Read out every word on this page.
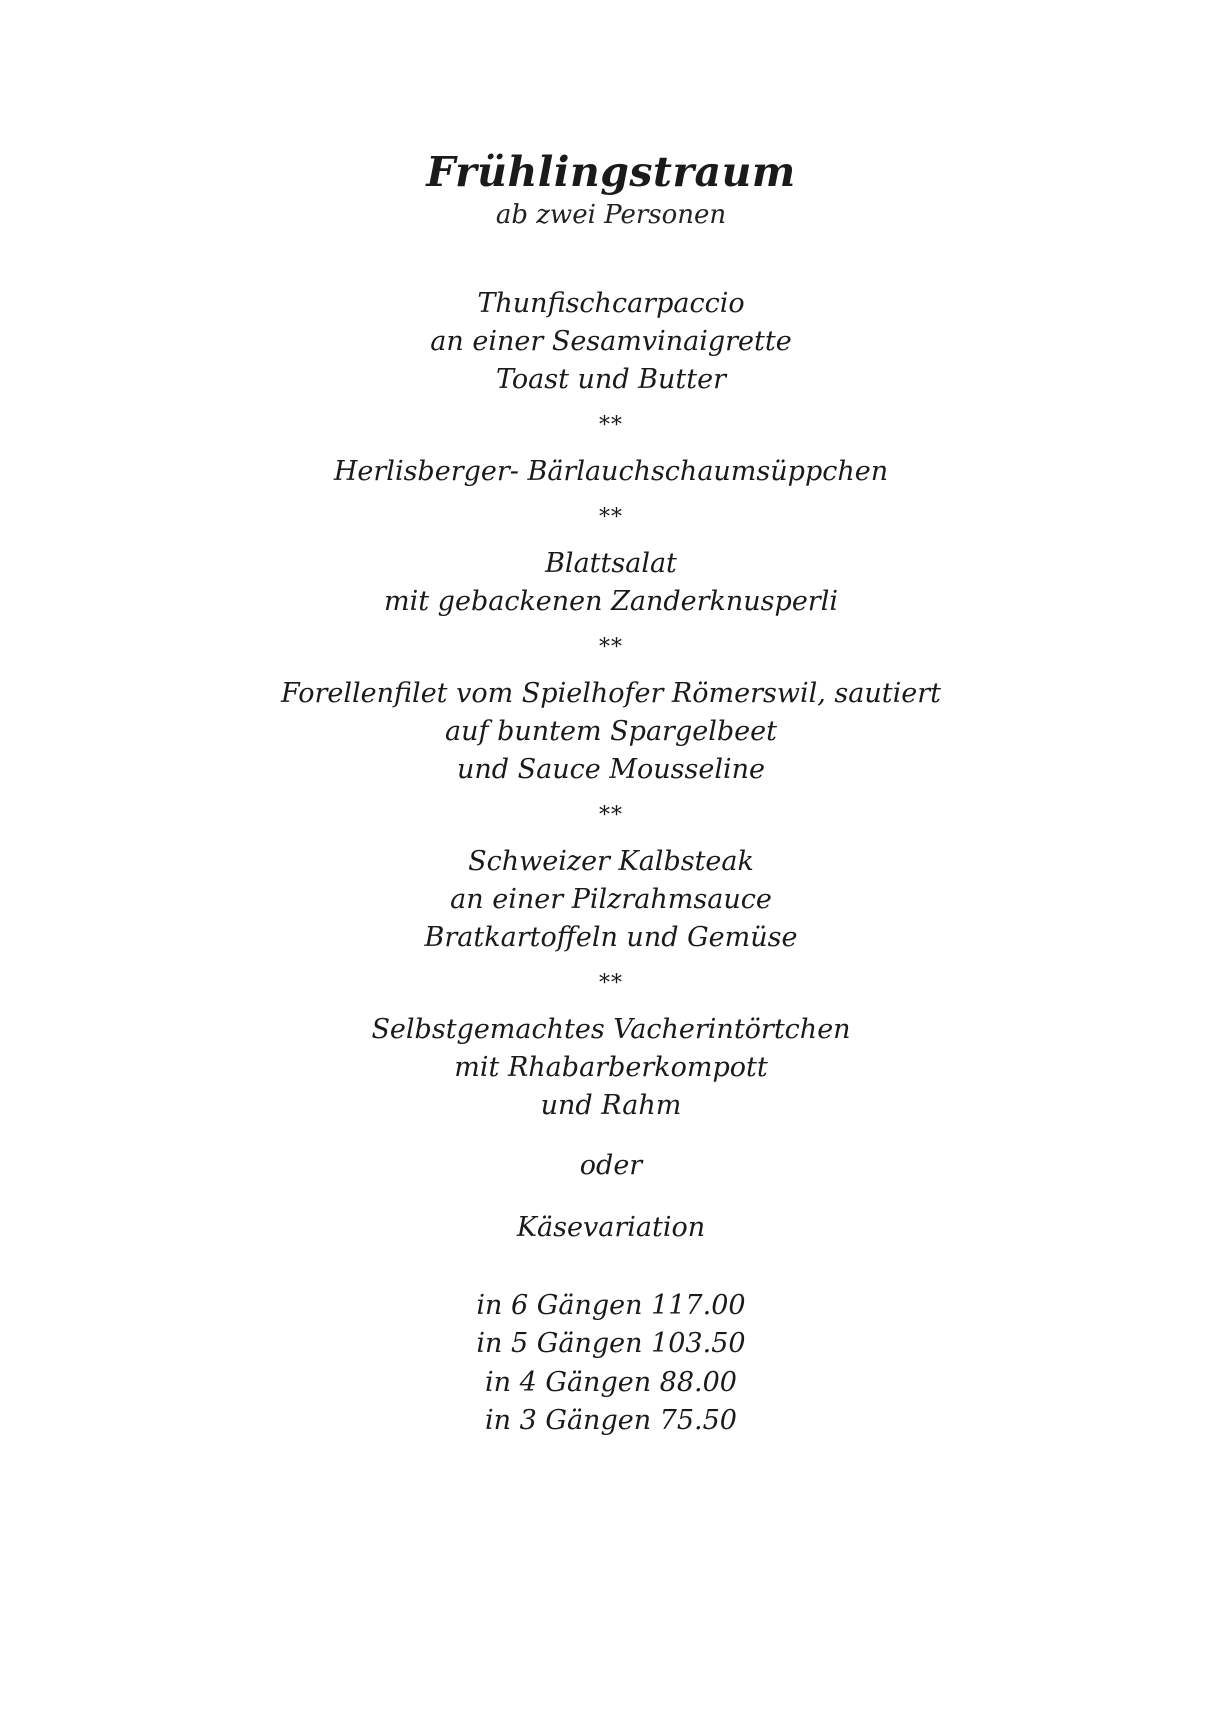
Frühlingstraum

ab zwei Personen

Thunfischcarpaccio

an einer Sesamvinaigrette

Toast und Butter

**

Herlisberger- Bärlauchschaumsüppchen

**

Blattsalat

mit gebackenen Zanderknusperli

**

Forellenfilet vom Spielhofer Römerswil, sautiert

auf buntem Spargelbeet

und Sauce Mousseline

**

Schweizer Kalbsteak

an einer Pilzrahmsauce

Bratkartoffeln und Gemüse

**

Selbstgemachtes Vacherintörtchen

mit Rhabarberkompott

und Rahm

oder

Käsevariation

in 6 Gängen 117.00

in 5 Gängen 103.50

in 4 Gängen 88.00

in 3 Gängen 75.50
